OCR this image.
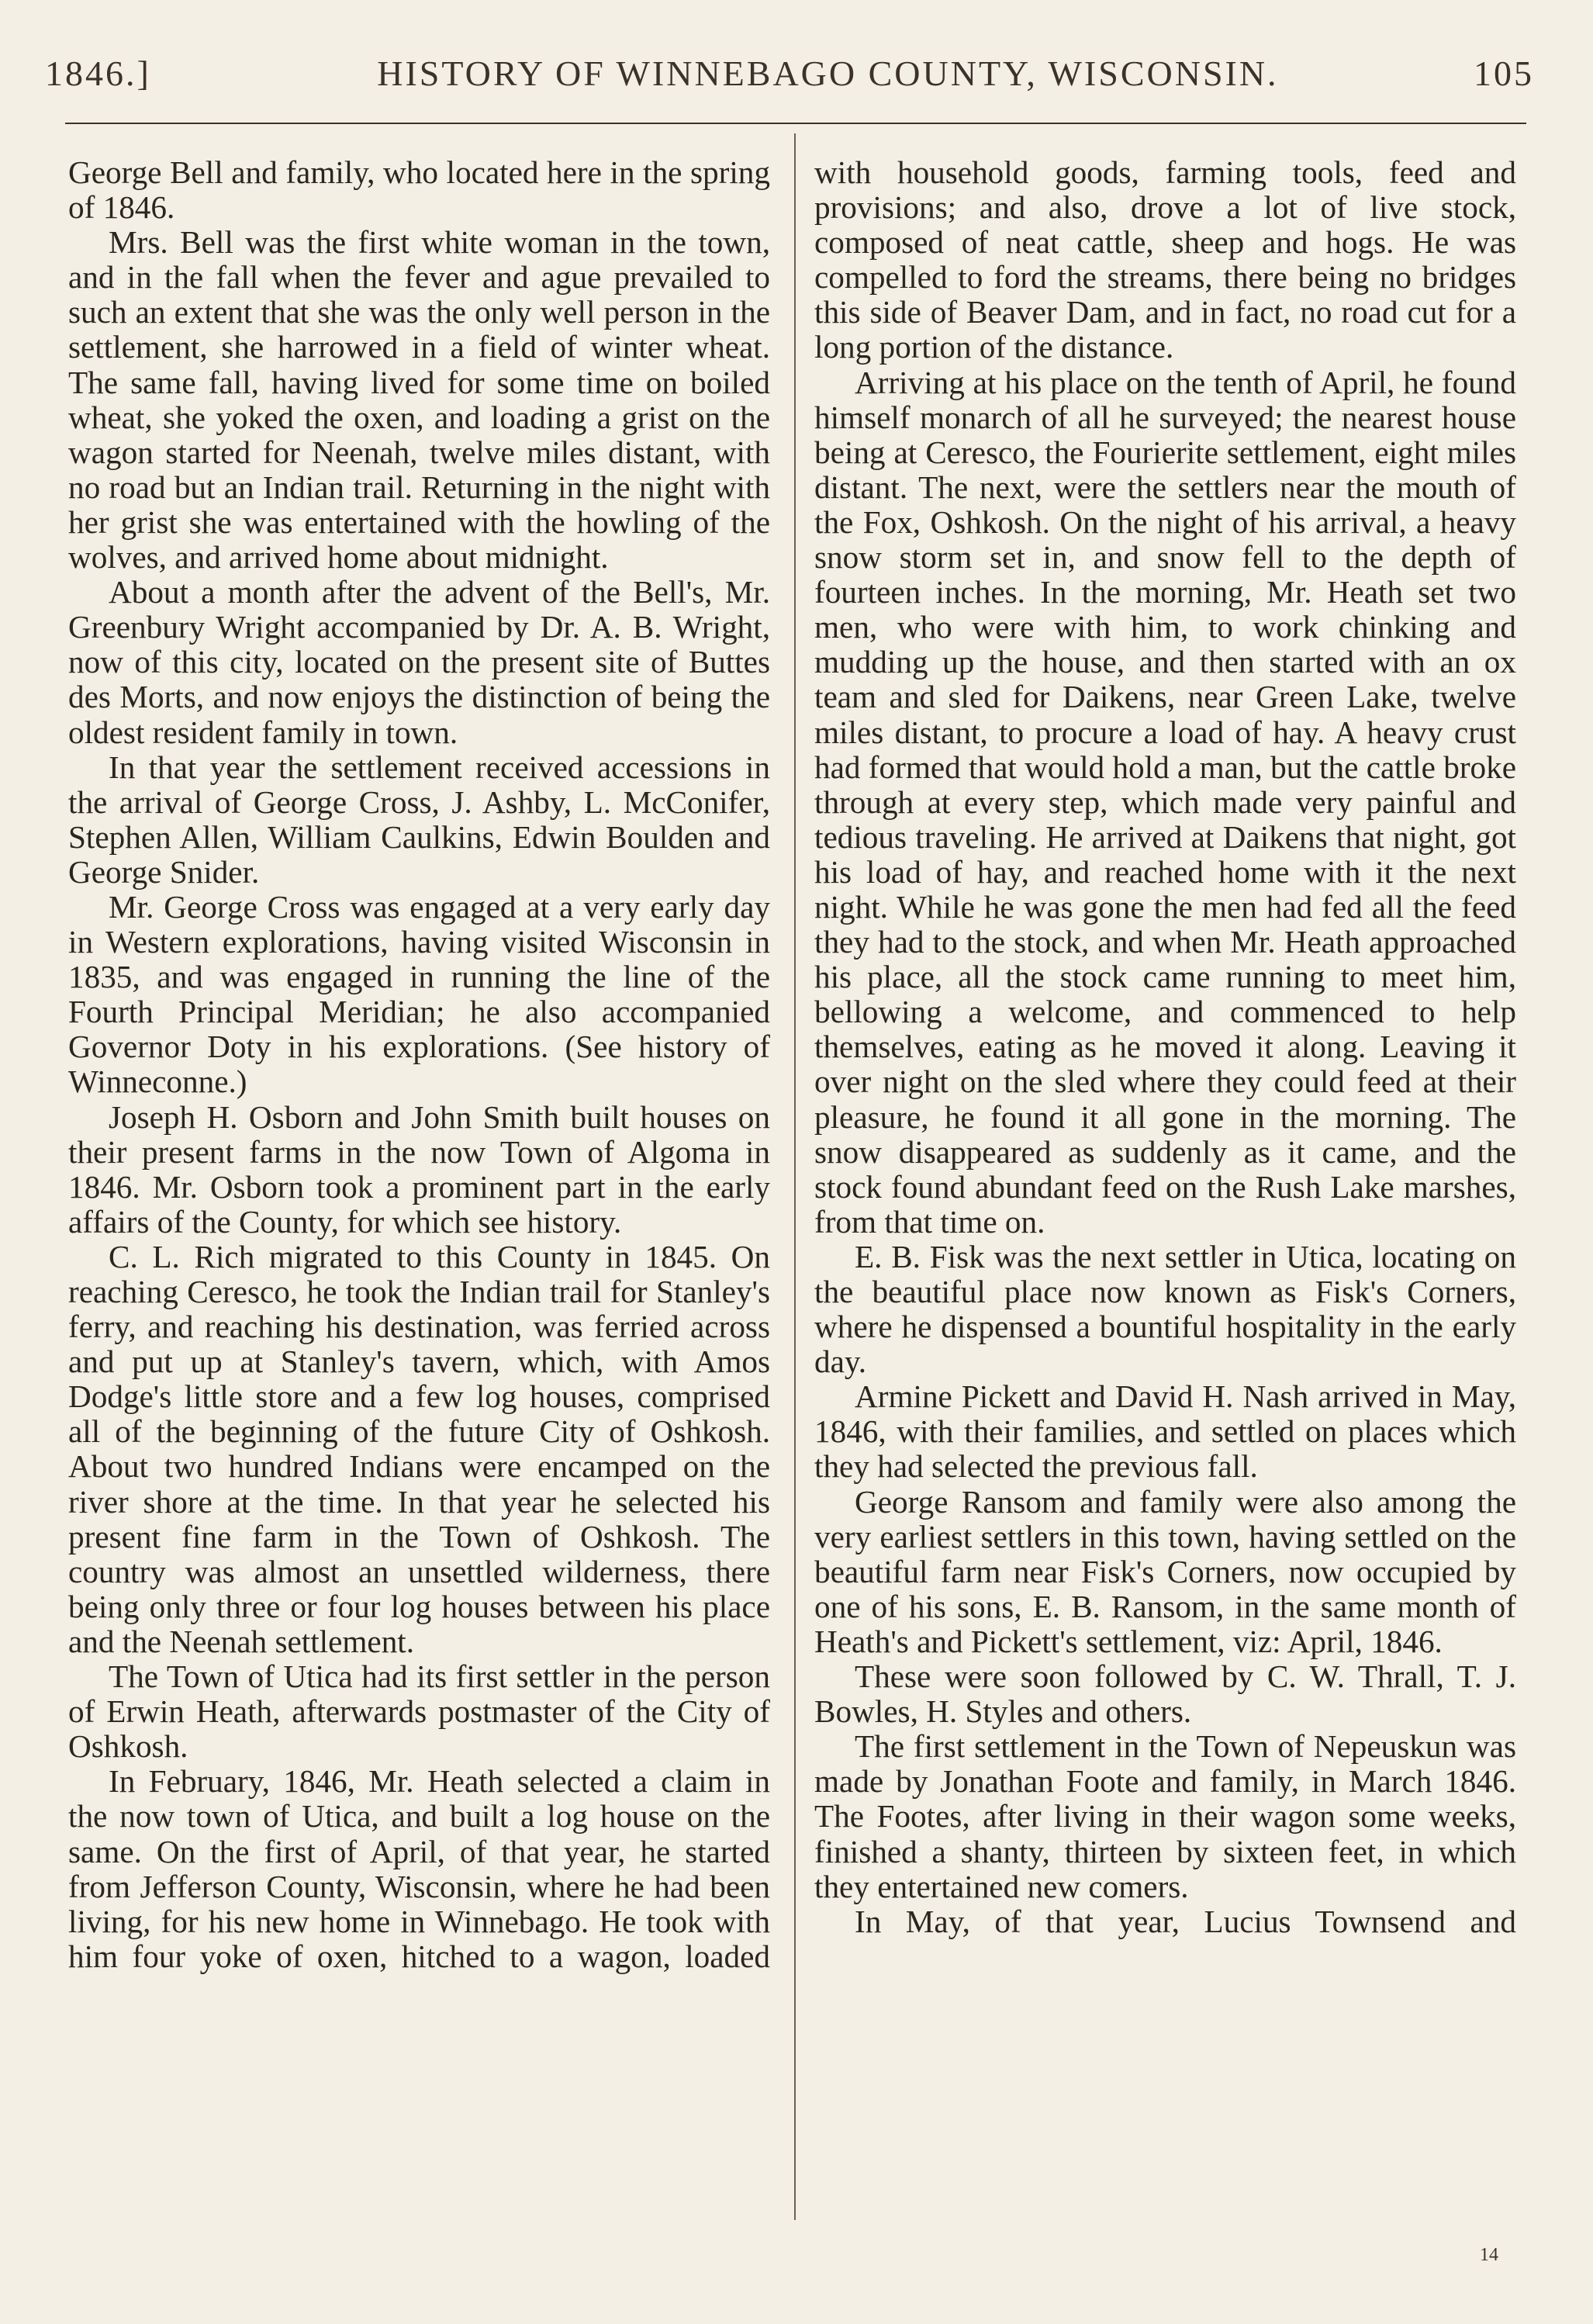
1846.]	HISTORY OF WINNEBAGO COUNTY, WISCONSIN.	105

George Bell and family, who located here in the spring of 1846.

Mrs. Bell was the first white woman in the town, and in the fall when the fever and ague prevailed to such an extent that she was the only well person in the settlement, she harrowed in a field of winter wheat. The same fall, having lived for some time on boiled wheat, she yoked the oxen, and loading a grist on the wagon started for Neenah, twelve miles distant, with no road but an Indian trail. Returning in the night with her grist she was entertained with the howling of the wolves, and arrived home about midnight.

About a month after the advent of the Bell's, Mr. Greenbury Wright accompanied by Dr. A. B. Wright, now of this city, located on the present site of Buttes des Morts, and now enjoys the distinction of being the oldest resident family in town.

In that year the settlement received accessions in the arrival of George Cross, J. Ashby, L. McConifer, Stephen Allen, William Caulkins, Edwin Boulden and George Snider.

Mr. George Cross was engaged at a very early day in Western explorations, having visited Wisconsin in 1835, and was engaged in running the line of the Fourth Principal Meridian; he also accompanied Governor Doty in his explorations. (See history of Winneconne.)

Joseph H. Osborn and John Smith built houses on their present farms in the now Town of Algoma in 1846. Mr. Osborn took a prominent part in the early affairs of the County, for which see history.

C. L. Rich migrated to this County in 1845. On reaching Ceresco, he took the Indian trail for Stanley's ferry, and reaching his destination, was ferried across and put up at Stanley's tavern, which, with Amos Dodge's little store and a few log houses, comprised all of the beginning of the future City of Oshkosh. About two hundred Indians were encamped on the river shore at the time. In that year he selected his present fine farm in the Town of Oshkosh. The country was almost an unsettled wilderness, there being only three or four log houses between his place and the Neenah settlement.

The Town of Utica had its first settler in the person of Erwin Heath, afterwards postmaster of the City of Oshkosh.

In February, 1846, Mr. Heath selected a claim in the now town of Utica, and built a log house on the same. On the first of April, of that year, he started from Jefferson County, Wisconsin, where he had been living, for his new home in Winnebago. He took with him four yoke of oxen, hitched to a wagon, loaded

with household goods, farming tools, feed and provisions; and also, drove a lot of live stock, composed of neat cattle, sheep and hogs. He was compelled to ford the streams, there being no bridges this side of Beaver Dam, and in fact, no road cut for a long portion of the distance.

Arriving at his place on the tenth of April, he found himself monarch of all he surveyed; the nearest house being at Ceresco, the Fourierite settlement, eight miles distant. The next, were the settlers near the mouth of the Fox, Oshkosh. On the night of his arrival, a heavy snow storm set in, and snow fell to the depth of fourteen inches. In the morning, Mr. Heath set two men, who were with him, to work chinking and mudding up the house, and then started with an ox team and sled for Daikens, near Green Lake, twelve miles distant, to procure a load of hay. A heavy crust had formed that would hold a man, but the cattle broke through at every step, which made very painful and tedious traveling. He arrived at Daikens that night, got his load of hay, and reached home with it the next night. While he was gone the men had fed all the feed they had to the stock, and when Mr. Heath approached his place, all the stock came running to meet him, bellowing a welcome, and commenced to help themselves, eating as he moved it along. Leaving it over night on the sled where they could feed at their pleasure, he found it all gone in the morning. The snow disappeared as suddenly as it came, and the stock found abundant feed on the Rush Lake marshes, from that time on.

E. B. Fisk was the next settler in Utica, locating on the beautiful place now known as Fisk's Corners, where he dispensed a bountiful hospitality in the early day.

Armine Pickett and David H. Nash arrived in May, 1846, with their families, and settled on places which they had selected the previous fall.

George Ransom and family were also among the very earliest settlers in this town, having settled on the beautiful farm near Fisk's Corners, now occupied by one of his sons, E. B. Ransom, in the same month of Heath's and Pickett's settlement, viz: April, 1846.

These were soon followed by C. W. Thrall, T. J. Bowles, H. Styles and others.

The first settlement in the Town of Nepeuskun was made by Jonathan Foote and family, in March 1846. The Footes, after living in their wagon some weeks, finished a shanty, thirteen by sixteen feet, in which they entertained new comers.

In May, of that year, Lucius Townsend and

14
